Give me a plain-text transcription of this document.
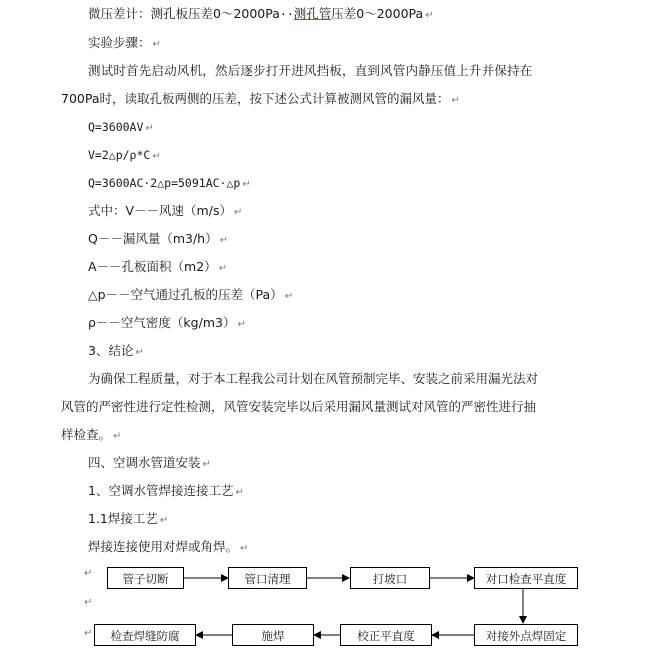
微压差计：测孔板压差0～2000Pa··测孔管压差0～2000Pa ↵
实验步骤： ↵
测试时首先启动风机，然后逐步打开进风挡板，直到风管内静压值上升并保持在
700Pa时，读取孔板两侧的压差，按下述公式计算被测风管的漏风量： ↵
Q=3600AV ↵
V=2△p/ρ*C ↵
Q=3600AC·2△p=5091AC·△p ↵
式中：V－－风速（m/s） ↵
Q－－漏风量（m3/h） ↵
A－－孔板面积（m2） ↵
△p－－空气通过孔板的压差（Pa） ↵
ρ－－空气密度（kg/m3） ↵
3、结论 ↵
为确保工程质量，对于本工程我公司计划在风管预制完毕、安装之前采用漏光法对
风管的严密性进行定性检测，风管安装完毕以后采用漏风量测试对风管的严密性进行抽
样检查。 ↵
四、空调水管道安装 ↵
1、空调水管焊接连接工艺 ↵
1.1焊接工艺 ↵
焊接连接使用对焊或角焊。 ↵
↵
↵
↵
管子切断	管口清理	打坡口	对口检查平直度
检查焊缝防腐	施焊	校正平直度	对接外点焊固定
